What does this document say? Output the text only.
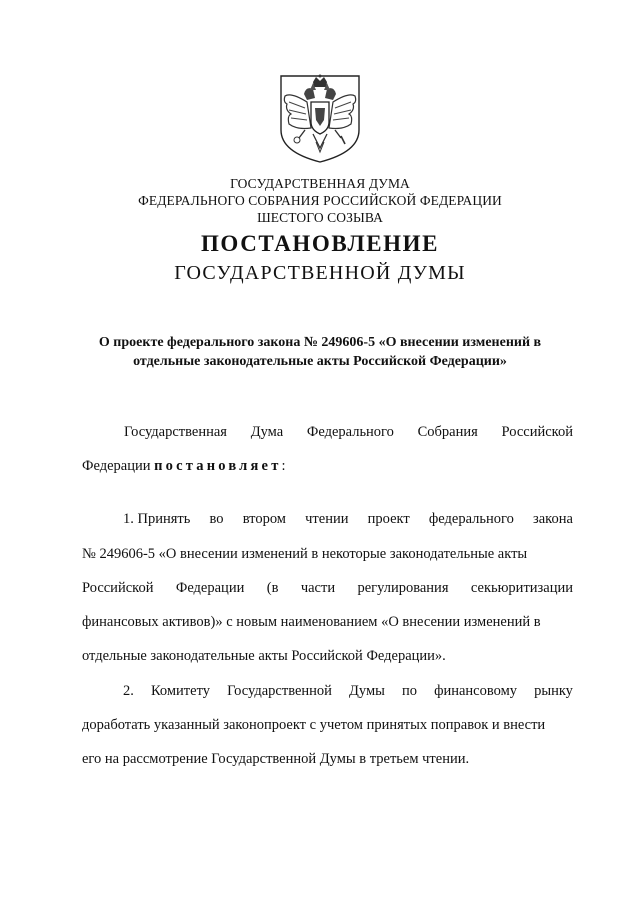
ГОСУДАРСТВЕННАЯ ДУМА
ФЕДЕРАЛЬНОГО СОБРАНИЯ РОССИЙСКОЙ ФЕДЕРАЦИИ
ШЕСТОГО СОЗЫВА
ПОСТАНОВЛЕНИЕ
ГОСУДАРСТВЕННОЙ ДУМЫ
О проекте федерального закона № 249606-5 «О внесении изменений в
отдельные законодательные акты Российской Федерации»
Государственная Дума Федерального Собрания Российской
Федерации постановляет:
1. Принять во втором чтении проект федерального закона
№ 249606-5 «О внесении изменений в некоторые законодательные акты
Российской Федерации (в части регулирования секьюритизации
финансовых активов)» с новым наименованием «О внесении изменений в
отдельные законодательные акты Российской Федерации».
2. Комитету Государственной Думы по финансовому рынку
доработать указанный законопроект с учетом принятых поправок и внести
его на рассмотрение Государственной Думы в третьем чтении.
